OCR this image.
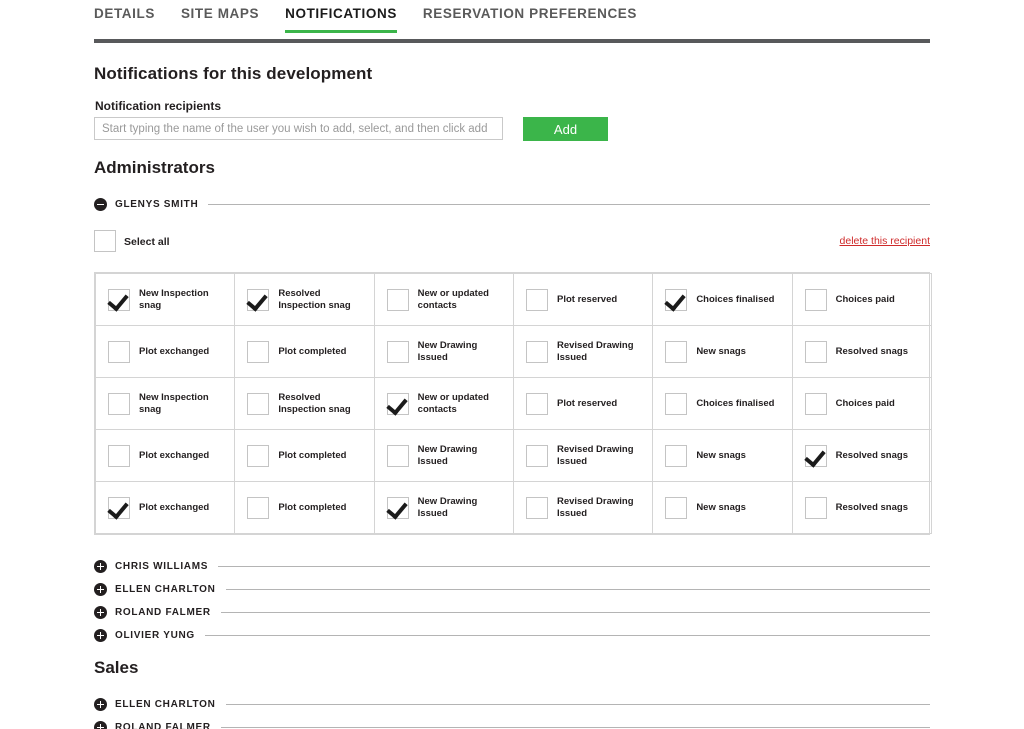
DETAILS SITE MAPS NOTIFICATIONS RESERVATION PREFERENCES
Notifications for this development
Notification recipients
Start typing the name of the user you wish to add, select, and then click add
Add
Administrators
GLENYS SMITH
Select all	delete this recipient
New Inspection snag	Resolved Inspection snag	New or updated contacts	Plot reserved	Choices finalised	Choices paid

Plot exchanged	Plot completed	New Drawing Issued	Revised Drawing Issued	New snags	Resolved snags

New Inspection snag	Resolved Inspection snag	New or updated contacts	Plot reserved	Choices finalised	Choices paid

Plot exchanged	Plot completed	New Drawing Issued	Revised Drawing Issued	New snags	Resolved snags

Plot exchanged	Plot completed	New Drawing Issued	Revised Drawing Issued	New snags	Resolved snags
CHRIS WILLIAMS
ELLEN CHARLTON
ROLAND FALMER
OLIVIER YUNG
Sales
ELLEN CHARLTON
ROLAND FALMER
